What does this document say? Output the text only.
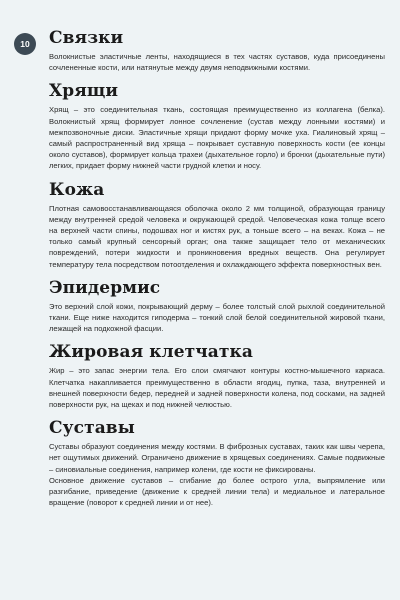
10	Связки

Волокнистые эластичные ленты, находящиеся в тех частях суставов, куда присоединены сочлененные кости, или натянутые между двумя неподвижными костями.

Хрящи

Хрящ – это соединительная ткань, состоящая преимущественно из коллагена (белка). Волокнистый хрящ формирует лонное сочленение (сустав между лонными костями) и межпозвоночные диски. Эластичные хрящи придают форму мочке уха. Гиалиновый хрящ – самый распространенный вид хряща – покрывает суставную поверхность кости (ее концы около суставов), формирует кольца трахеи (дыхательное горло) и бронхи (дыхательные пути) легких, придает форму нижней части грудной клетки и носу.

Кожа

Плотная самовосстанавливающаяся оболочка около 2 мм толщиной, образующая границу между внутренней средой человека и окружающей средой. Человеческая кожа толще всего на верхней части спины, подошвах ног и кистях рук, а тоньше всего – на веках. Кожа – не только самый крупный сенсорный орган; она также защищает тело от механических повреждений, потери жидкости и проникновения вредных веществ. Она регулирует температуру тела посредством потоотделения и охлаждающего эффекта поверхностных вен.

Эпидермис

Это верхний слой кожи, покрывающий дерму – более толстый слой рыхлой соединительной ткани. Еще ниже находится гиподерма – тонкий слой белой соединительной жировой ткани, лежащей на подкожной фасции.

Жировая клетчатка

Жир – это запас энергии тела. Его слои смягчают контуры костно-мышечного каркаса. Клетчатка накапливается преимущественно в области ягодиц, пупка, таза, внутренней и внешней поверхности бедер, передней и задней поверхности колена, под сосками, на задней поверхности рук, на щеках и под нижней челюстью.

Суставы

Суставы образуют соединения между костями. В фиброзных суставах, таких как швы черепа, нет ощутимых движений. Ограничено движение в хрящевых соединениях. Самые подвижные – синовиальные соединения, например колени, где кости не фиксированы.

Основное движение суставов – сгибание до более острого угла, выпрямление или разгибание, приведение (движение к средней линии тела) и медиальное и латеральное вращение (поворот к средней линии и от нее).
